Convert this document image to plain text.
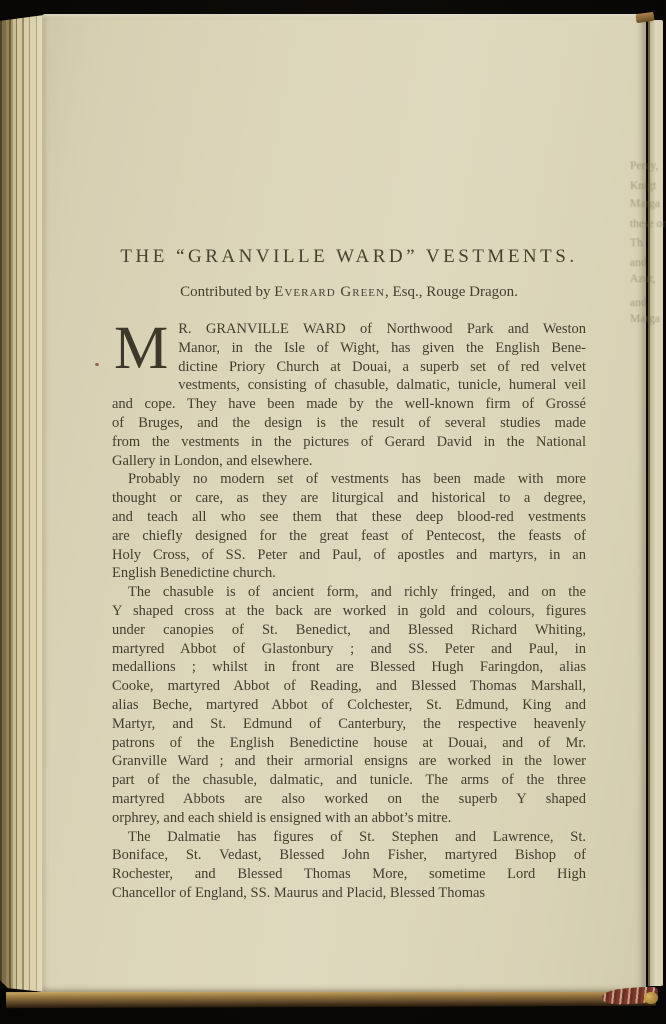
THE “GRANVILLE WARD” VESTMENTS.
Contributed by Everard Green, Esq., Rouge Dragon.
M R. GRANVILLE WARD of Northwood Park and Weston
Manor, in the Isle of Wight, has given the English Bene-
dictine Priory Church at Douai, a superb set of red velvet
vestments, consisting of chasuble, dalmatic, tunicle, humeral veil
and cope. They have been made by the well-known firm of Grossé
of Bruges, and the design is the result of several studies made
from the vestments in the pictures of Gerard David in the National
Gallery in London, and elsewhere.
Probably no modern set of vestments has been made with more
thought or care, as they are liturgical and historical to a degree,
and teach all who see them that these deep blood-red vestments
are chiefly designed for the great feast of Pentecost, the feasts of
Holy Cross, of SS. Peter and Paul, of apostles and martyrs, in an
English Benedictine church.
The chasuble is of ancient form, and richly fringed, and on the
Y shaped cross at the back are worked in gold and colours, figures
under canopies of St. Benedict, and Blessed Richard Whiting,
martyred Abbot of Glastonbury ; and SS. Peter and Paul, in
medallions ; whilst in front are Blessed Hugh Faringdon, alias
Cooke, martyred Abbot of Reading, and Blessed Thomas Marshall,
alias Beche, martyred Abbot of Colchester, St. Edmund, King and
Martyr, and St. Edmund of Canterbury, the respective heavenly
patrons of the English Benedictine house at Douai, and of Mr.
Granville Ward ; and their armorial ensigns are worked in the lower
part of the chasuble, dalmatic, and tunicle. The arms of the three
martyred Abbots are also worked on the superb Y shaped
orphrey, and each shield is ensigned with an abbot’s mitre.
The Dalmatie has figures of St. Stephen and Lawrence, St.
Boniface, St. Vedast, Blessed John Fisher, martyred Bishop of
Rochester, and Blessed Thomas More, sometime Lord High
Chancellor of England, SS. Maurus and Placid, Blessed Thomas
Percy,
Knigt
Marga
these or
Th
and
Azur,
and
Marga
